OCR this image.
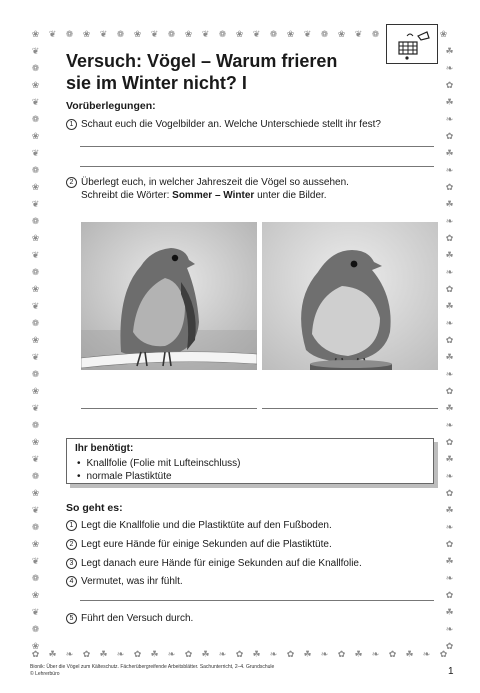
❀
✿
❦
☘
❁
❧
❀
✿
❦
☘
❁
❧
❀
✿
❦
☘
❁
❧
❀
✿
❦
☘
❁
❧
❀
✿
❦
☘
❁
❧
❀
✿
❦
☘
❁
❧
❀
✿
❦
☘
❁
❧ ✿ ☘ ❧
❀
✿
❦	☘
❁	❧
❀	✿
❦	☘
❁	❧
❀	✿
❦	☘
❁	❧
❀	✿
❦	☘
❁	❧
❀	✿
❦	☘
❁	❧
❀	✿
❦	☘
❁	❧
❀	✿
❦	☘
❁	❧
❀	✿
❦	☘
❁	❧
❀	✿
❦	☘
❁	❧
❀	✿
❦	☘
❁	❧
❀	✿
❦	☘
❁	❧
❀	✿
❦	☘
❁	❧
❀	✿
Versuch: Vögel – Warum frieren
sie im Winter nicht? I
Vorüberlegungen:
1 Schaut euch die Vogelbilder an. Welche Unterschiede stellt ihr fest?
2 Überlegt euch, in welcher Jahreszeit die Vögel so aussehen.
Schreibt die Wörter: Sommer – Winter unter die Bilder.
Ihr benötigt:
• Knallfolie (Folie mit Lufteinschluss)
• normale Plastiktüte
So geht es:
1 Legt die Knallfolie und die Plastiktüte auf den Fußboden.
2 Legt eure Hände für einige Sekunden auf die Plastiktüte.
3 Legt danach eure Hände für einige Sekunden auf die Knallfolie.
4 Vermutet, was ihr fühlt.
5 Führt den Versuch durch.
Bionik: Über die Vögel zum Kälteschutz. Fächerübergreifende Arbeitsblätter. Sachunterricht, 2–4. Grundschule
© Lehrerbüro	1
